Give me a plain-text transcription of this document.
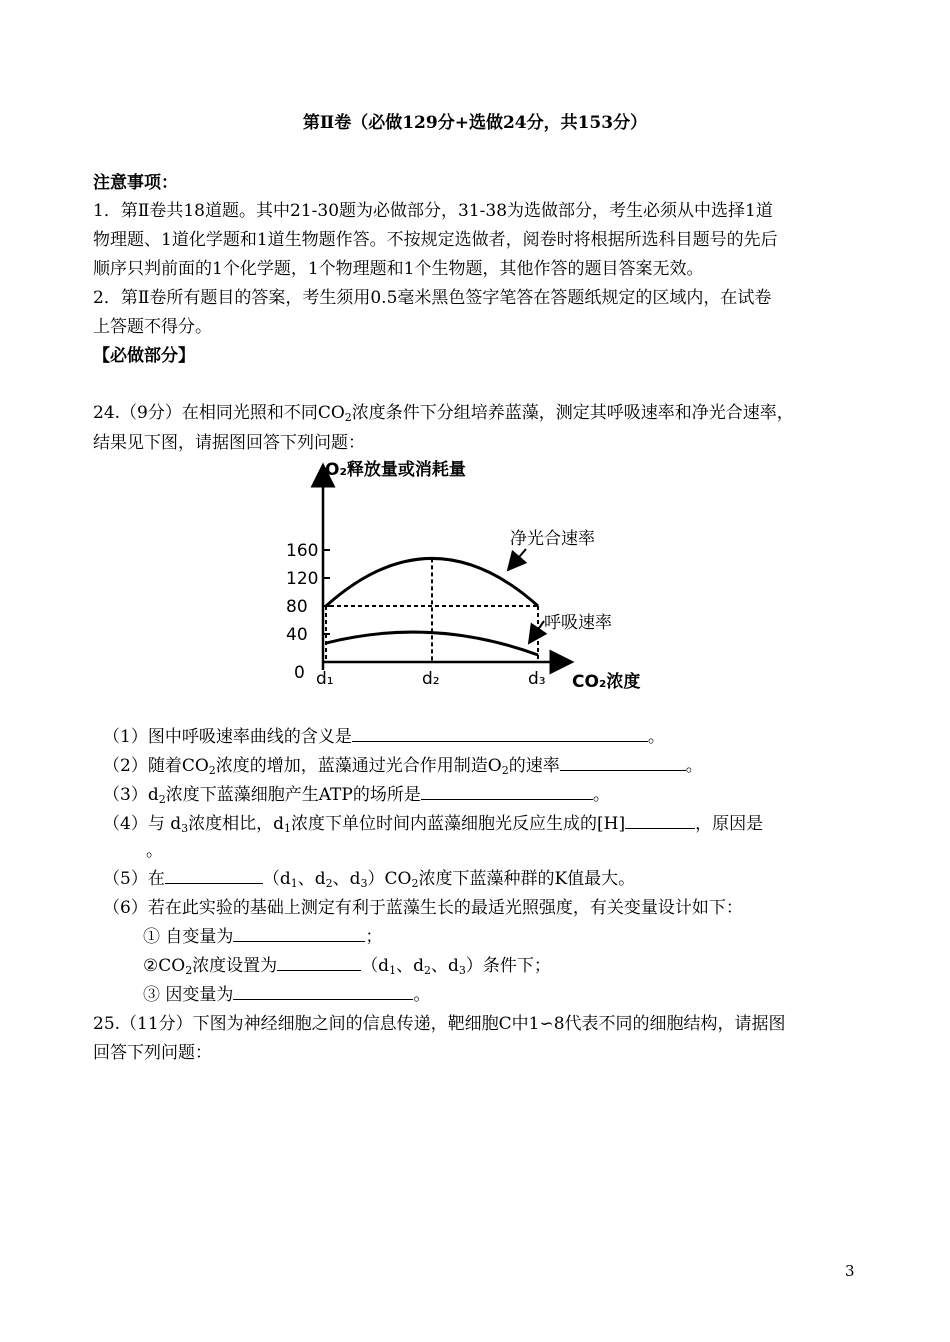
第Ⅱ卷（必做129分+选做24分，共153分）
注意事项：
1．第Ⅱ卷共18道题。其中21-30题为必做部分，31-38为选做部分，考生必须从中选择1道
物理题、1道化学题和1道生物题作答。不按规定选做者，阅卷时将根据所选科目题号的先后
顺序只判前面的1个化学题，1个物理题和1个生物题，其他作答的题目答案无效。
2．第Ⅱ卷所有题目的答案，考生须用0.5毫米黑色签字笔答在答题纸规定的区域内，在试卷
上答题不得分。
【必做部分】
24.（9分）在相同光照和不同$CO_2$浓度条件下分组培养蓝藻，测定其呼吸速率和净光合速率，
结果见下图，请据图回答下列问题：
O₂释放量或消耗量
CO₂浓度
0
40
80
120
160
d₁	d₂	d₃
净光合速率
呼吸速率
（1）图中呼吸速率曲线的含义是	。
（2）随着$CO_2$浓度的增加，蓝藻通过光合作用制造$O_2$的速率	。
$(3)d_2$浓度下蓝藻细胞产生ATP的场所是	。
（4）与 $d_3$浓度相比，$d_1$浓度下单位时间内蓝藻细胞光反应生成的[H]	，原因是
。
（5）在	（$d_1$、$d_2$、$d_3)CO_2$浓度下蓝藻种群的K值最大。
（6）若在此实验的基础上测定有利于蓝藻生长的最适光照强度，有关变量设计如下：
① 自变量为	；
$②CO_2$浓度设置为	（$d_1$、$d_2$、$d_3$）条件下；
③ 因变量为	。
25.（11分）下图为神经细胞之间的信息传递，靶细胞C中1∽8代表不同的细胞结构，请据图
回答下列问题：
3
